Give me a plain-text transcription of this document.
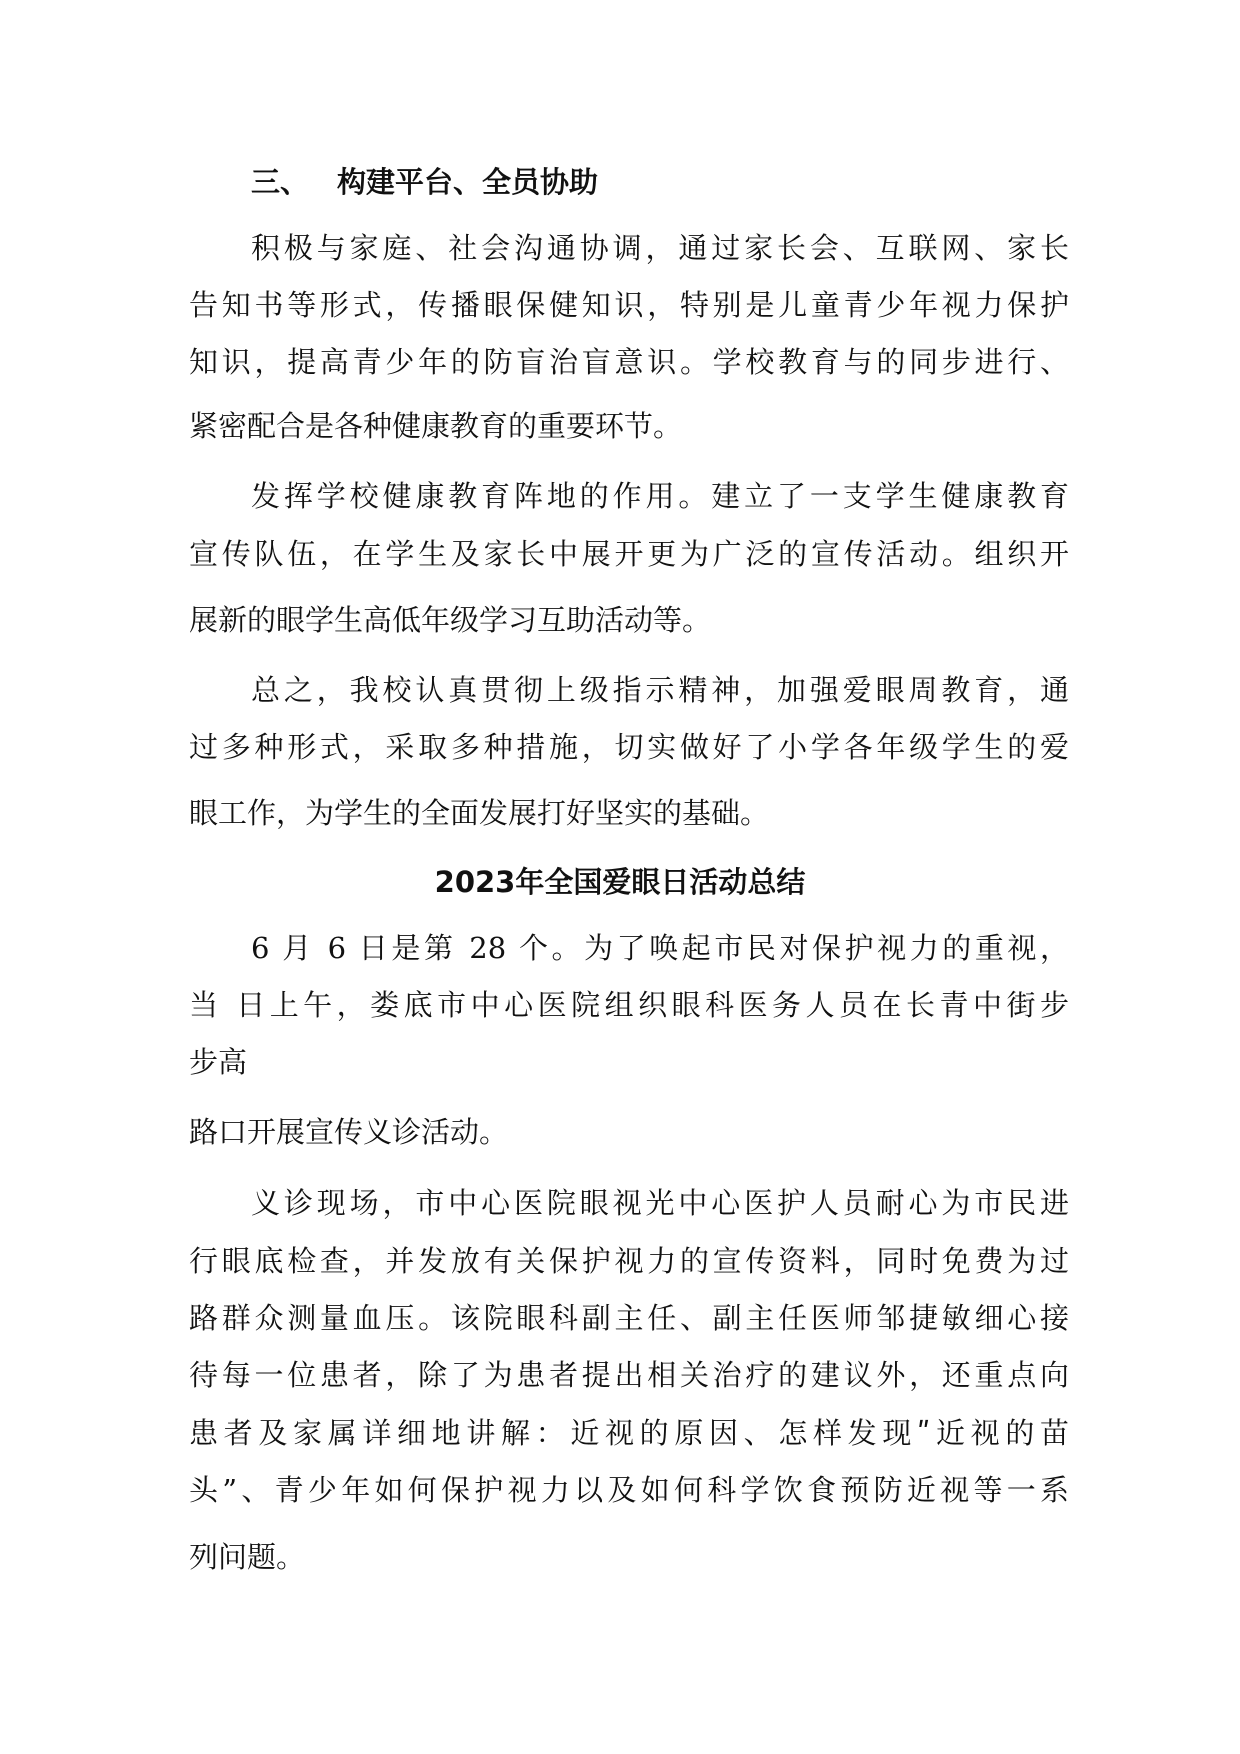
三、 构建平台、全员协助

积极与家庭、社会沟通协调，通过家长会、互联网、家长

告知书等形式，传播眼保健知识，特别是儿童青少年视力保护

知识，提高青少年的防盲治盲意识。学校教育与的同步进行、

紧密配合是各种健康教育的重要环节。

发挥学校健康教育阵地的作用。建立了一支学生健康教育

宣传队伍，在学生及家长中展开更为广泛的宣传活动。组织开

展新的眼学生高低年级学习互助活动等。

总之，我校认真贯彻上级指示精神，加强爱眼周教育，通

过多种形式，采取多种措施，切实做好了小学各年级学生的爱

眼工作，为学生的全面发展打好坚实的基础。

2023年全国爱眼日活动总结

6 月 6 日是第 28 个。为了唤起市民对保护视力的重视，

当 日上午，娄底市中心医院组织眼科医务人员在长青中街步

步高

路口开展宣传义诊活动。

义诊现场，市中心医院眼视光中心医护人员耐心为市民进

行眼底检查，并发放有关保护视力的宣传资料，同时免费为过

路群众测量血压。该院眼科副主任、副主任医师邹捷敏细心接

待每一位患者，除了为患者提出相关治疗的建议外，还重点向

患者及家属详细地讲解：近视的原因、怎样发现ʺ近视的苗

头”、青少年如何保护视力以及如何科学饮食预防近视等一系

列问题。
